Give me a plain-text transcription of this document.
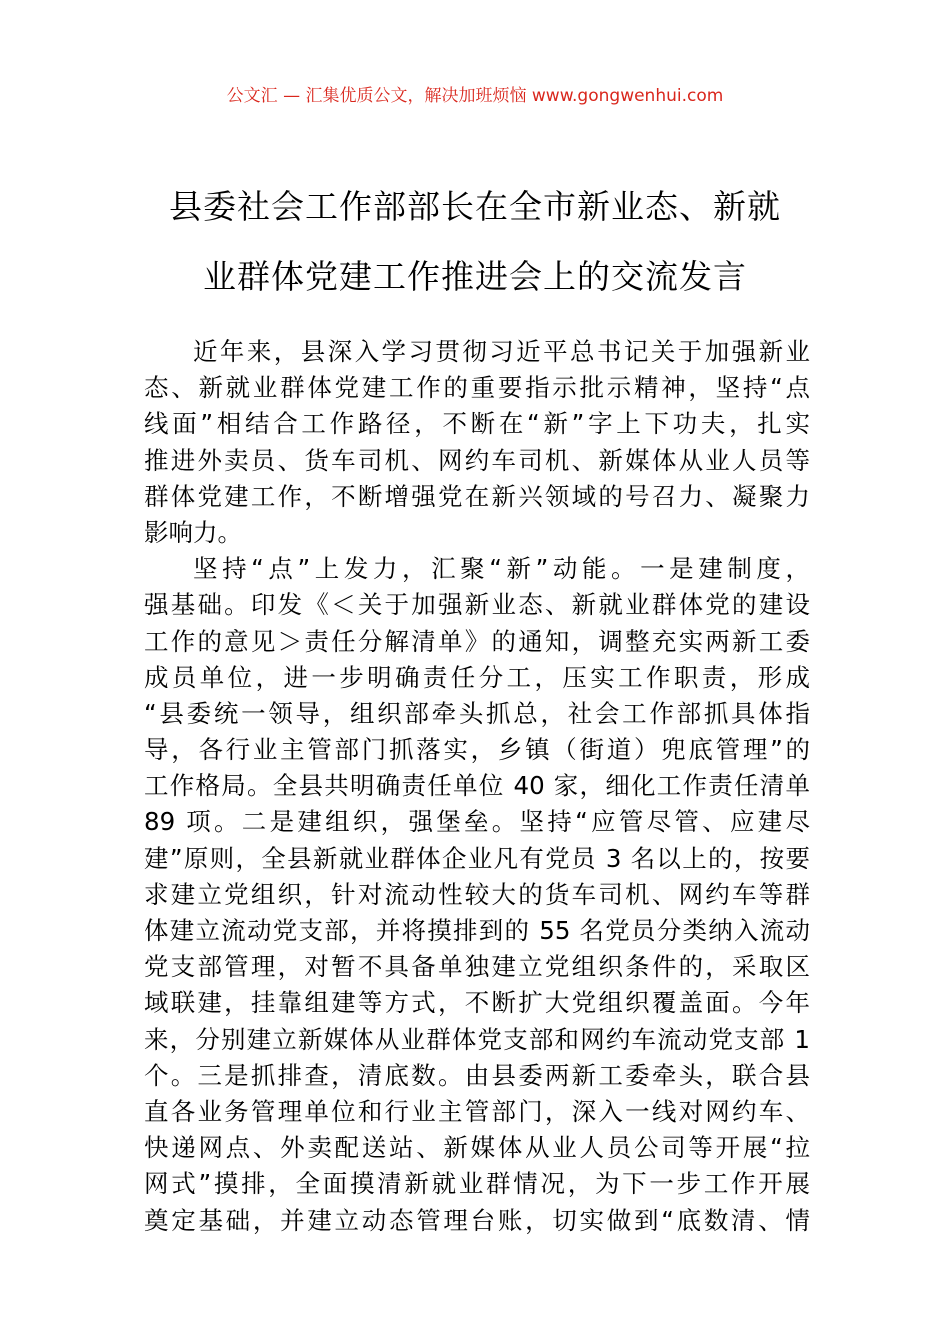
公文汇 — 汇集优质公文，解决加班烦恼 www.gongwenhui.com
县委社会工作部部长在全市新业态、新就
业群体党建工作推进会上的交流发言
近年来，县深入学习贯彻习近平总书记关于加强新业
态、新就业群体党建工作的重要指示批示精神，坚持“点
线面”相结合工作路径，不断在“新”字上下功夫，扎实
推进外卖员、货车司机、网约车司机、新媒体从业人员等
群体党建工作，不断增强党在新兴领域的号召力、凝聚力
影响力。
坚持“点”上发力，汇聚“新”动能。一是建制度，
强基础。印发《＜关于加强新业态、新就业群体党的建设
工作的意见＞责任分解清单》的通知，调整充实两新工委
成员单位，进一步明确责任分工，压实工作职责，形成
“县委统一领导，组织部牵头抓总，社会工作部抓具体指
导，各行业主管部门抓落实，乡镇（街道）兜底管理”的
工作格局。全县共明确责任单位 40 家，细化工作责任清单
89 项。二是建组织，强堡垒。坚持“应管尽管、应建尽
建”原则，全县新就业群体企业凡有党员 3 名以上的，按要
求建立党组织，针对流动性较大的货车司机、网约车等群
体建立流动党支部，并将摸排到的 55 名党员分类纳入流动
党支部管理，对暂不具备单独建立党组织条件的，采取区
域联建，挂靠组建等方式，不断扩大党组织覆盖面。今年
来，分别建立新媒体从业群体党支部和网约车流动党支部 1
个。三是抓排查，清底数。由县委两新工委牵头，联合县
直各业务管理单位和行业主管部门，深入一线对网约车、
快递网点、外卖配送站、新媒体从业人员公司等开展“拉
网式”摸排，全面摸清新就业群情况，为下一步工作开展
奠定基础，并建立动态管理台账，切实做到“底数清、情
